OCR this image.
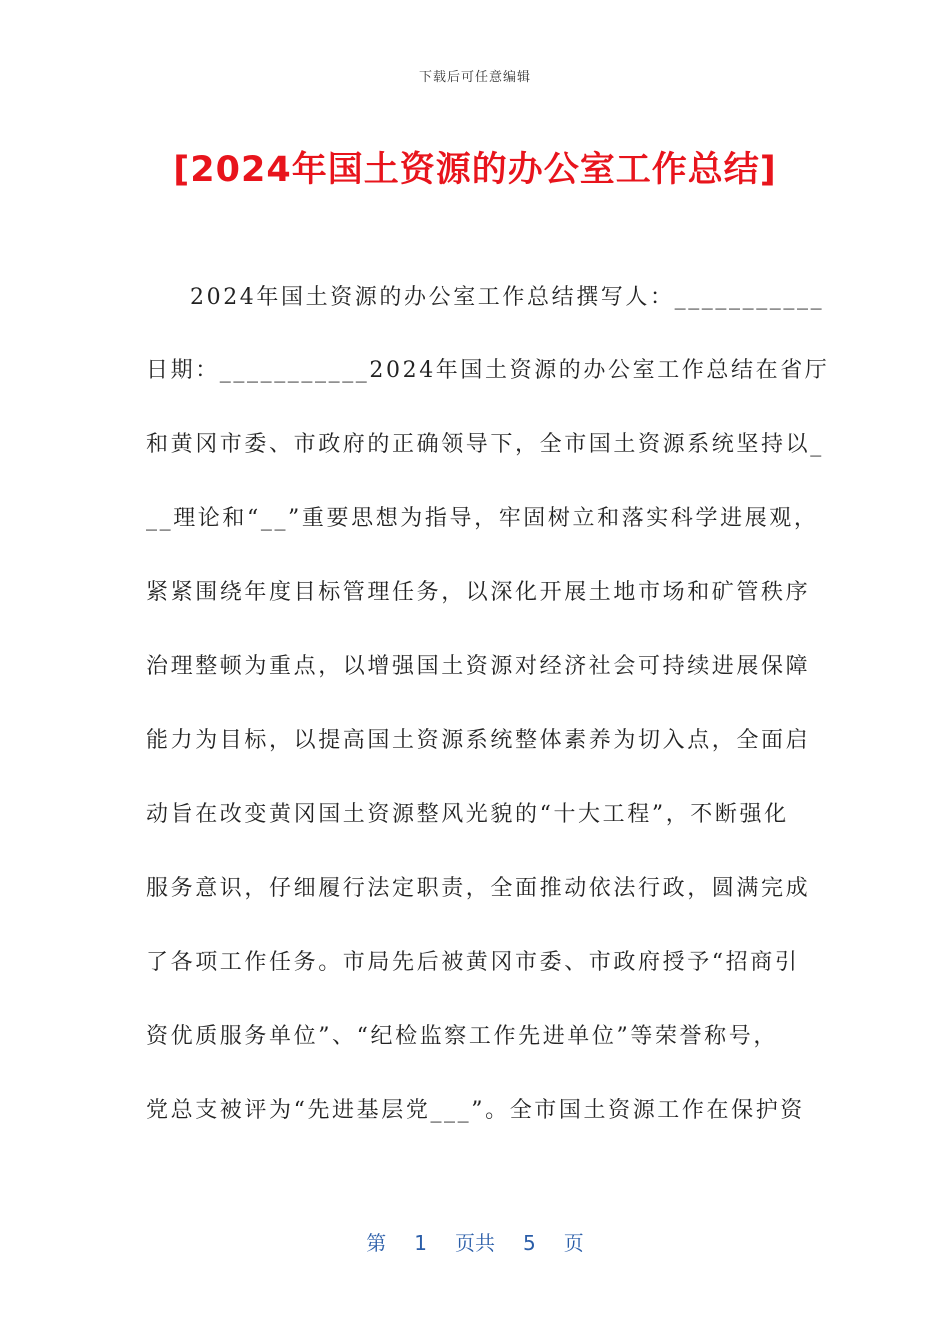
下载后可任意编辑
[2024年国土资源的办公室工作总结]
2024年国土资源的办公室工作总结撰写人：___________
日期：___________2024年国土资源的办公室工作总结在省厅
和黄冈市委、市政府的正确领导下，全市国土资源系统坚持以_
__理论和“__”重要思想为指导，牢固树立和落实科学进展观，
紧紧围绕年度目标管理任务，以深化开展土地市场和矿管秩序
治理整顿为重点，以增强国土资源对经济社会可持续进展保障
能力为目标，以提高国土资源系统整体素养为切入点，全面启
动旨在改变黄冈国土资源整风光貌的“十大工程”，不断强化
服务意识，仔细履行法定职责，全面推动依法行政，圆满完成
了各项工作任务。市局先后被黄冈市委、市政府授予“招商引
资优质服务单位”、“纪检监察工作先进单位”等荣誉称号，
党总支被评为“先进基层党___”。全市国土资源工作在保护资
第 1 页共 5 页
